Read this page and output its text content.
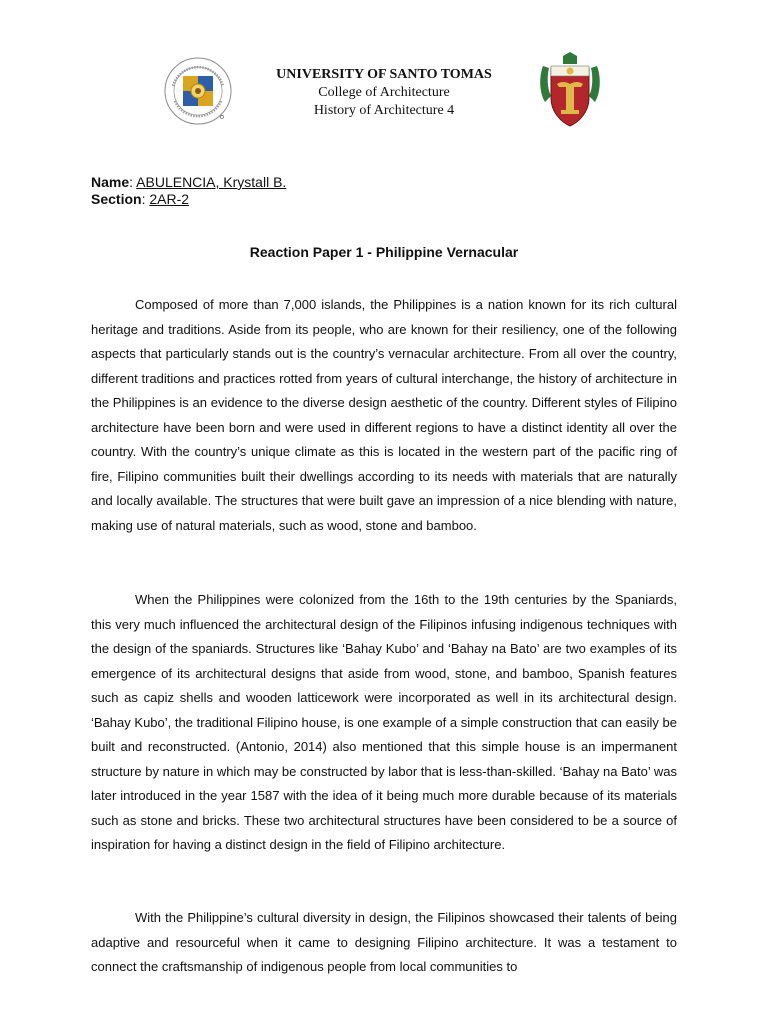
UNIVERSITY OF SANTO TOMAS
College of Architecture
History of Architecture 4
Name: ABULENCIA, Krystall B.
Section: 2AR-2
Reaction Paper 1 - Philippine Vernacular

Composed of more than 7,000 islands, the Philippines is a nation known for its rich cultural heritage and traditions. Aside from its people, who are known for their resiliency, one of the following aspects that particularly stands out is the country’s vernacular architecture. From all over the country, different traditions and practices rotted from years of cultural interchange, the history of architecture in the Philippines is an evidence to the diverse design aesthetic of the country. Different styles of Filipino architecture have been born and were used in different regions to have a distinct identity all over the country. With the country’s unique climate as this is located in the western part of the pacific ring of fire, Filipino communities built their dwellings according to its needs with materials that are naturally and locally available. The structures that were built gave an impression of a nice blending with nature, making use of natural materials, such as wood, stone and bamboo.

When the Philippines were colonized from the 16th to the 19th centuries by the Spaniards, this very much influenced the architectural design of the Filipinos infusing indigenous techniques with the design of the spaniards. Structures like ‘Bahay Kubo’ and ‘Bahay na Bato’ are two examples of its emergence of its architectural designs that aside from wood, stone, and bamboo, Spanish features such as capiz shells and wooden latticework were incorporated as well in its architectural design. ‘Bahay Kubo’, the traditional Filipino house, is one example of a simple construction that can easily be built and reconstructed. (Antonio, 2014) also mentioned that this simple house is an impermanent structure by nature in which may be constructed by labor that is less-than-skilled. ‘Bahay na Bato’ was later introduced in the year 1587 with the idea of it being much more durable because of its materials such as stone and bricks. These two architectural structures have been considered to be a source of inspiration for having a distinct design in the field of Filipino architecture.

With the Philippine’s cultural diversity in design, the Filipinos showcased their talents of being adaptive and resourceful when it came to designing Filipino architecture. It was a testament to connect the craftsmanship of indigenous people from local communities to
